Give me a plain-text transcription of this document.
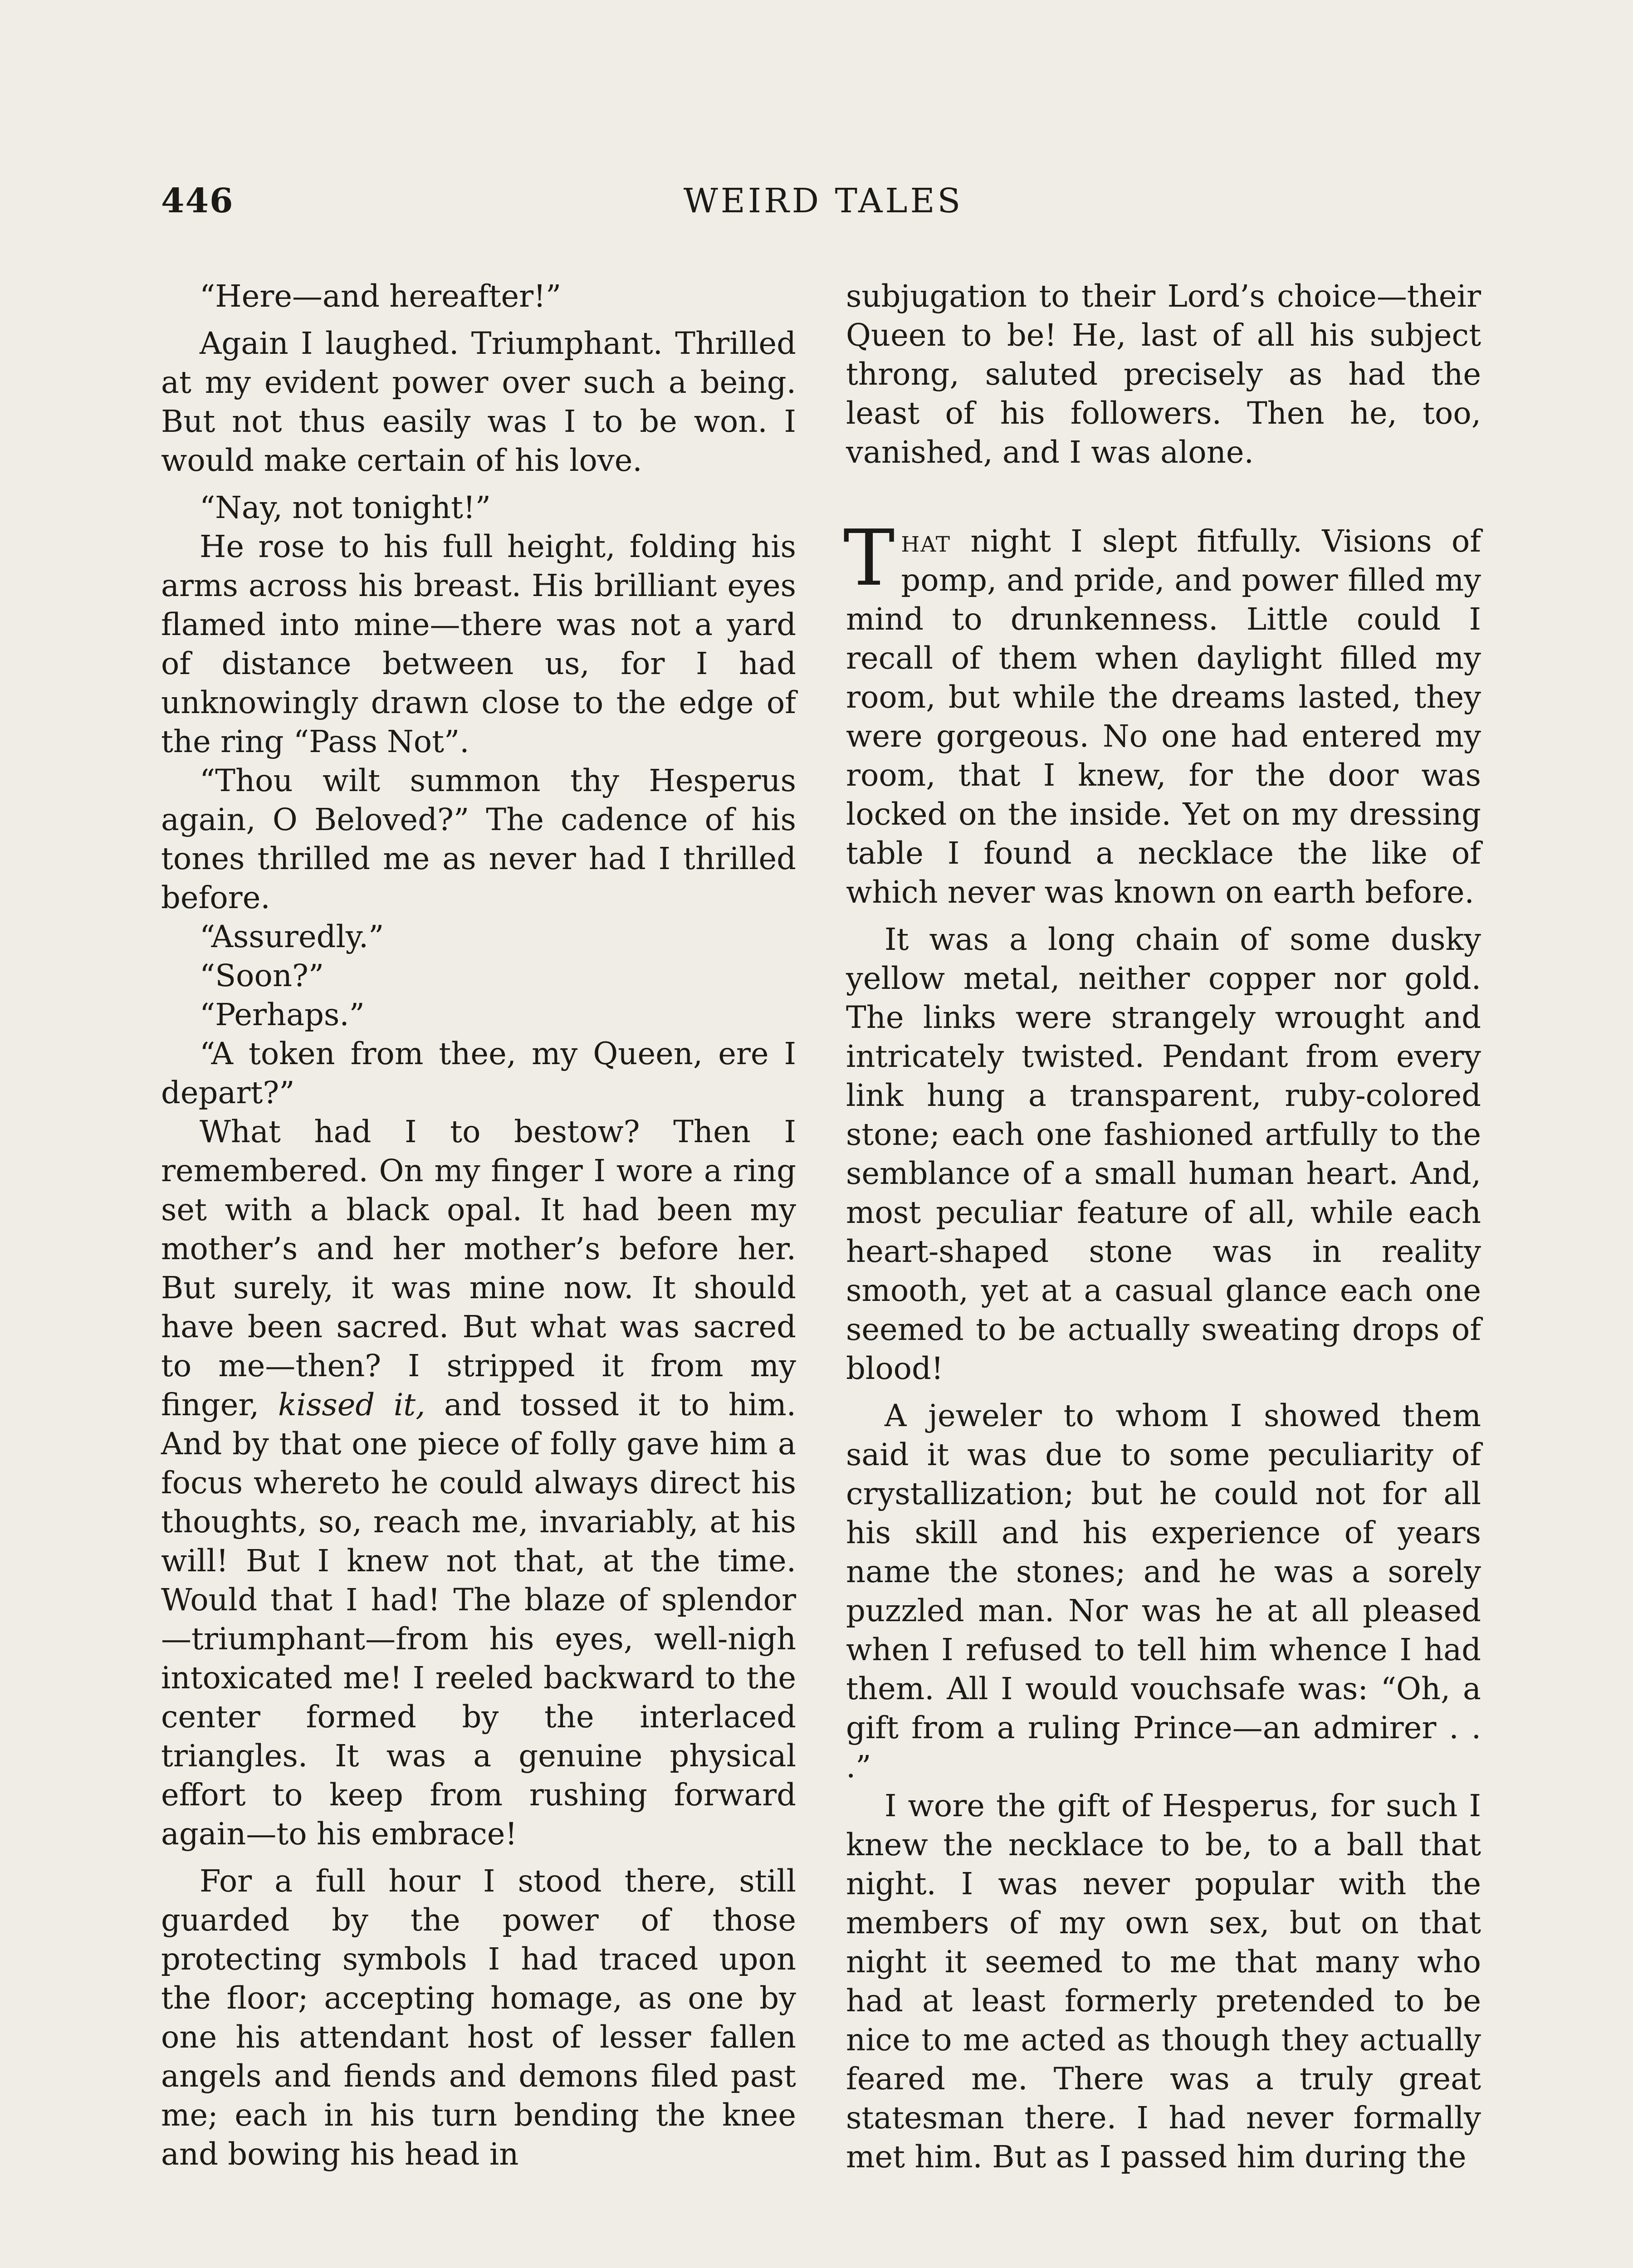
446	WEIRD TALES

“Here—and hereafter!”

Again I laughed. Triumphant. Thrilled at my evident power over such a being. But not thus easily was I to be won. I would make certain of his love.

“Nay, not tonight!”

He rose to his full height, folding his arms across his breast. His brilliant eyes flamed into mine—there was not a yard of distance between us, for I had unknowingly drawn close to the edge of the ring “Pass Not”.

“Thou wilt summon thy Hesperus again, O Beloved?” The cadence of his tones thrilled me as never had I thrilled before.

“Assuredly.”

“Soon?”

“Perhaps.”

“A token from thee, my Queen, ere I depart?”

What had I to bestow? Then I remembered. On my finger I wore a ring set with a black opal. It had been my mother’s and her mother’s before her. But surely, it was mine now. It should have been sacred. But what was sacred to me—then? I stripped it from my finger, kissed it, and tossed it to him. And by that one piece of folly gave him a focus whereto he could always direct his thoughts, so, reach me, invariably, at his will! But I knew not that, at the time. Would that I had! The blaze of splendor—triumphant—from his eyes, well-nigh intoxicated me! I reeled backward to the center formed by the interlaced triangles. It was a genuine physical effort to keep from rushing forward again—to his embrace!

For a full hour I stood there, still guarded by the power of those protecting symbols I had traced upon the floor; accepting homage, as one by one his attendant host of lesser fallen angels and fiends and demons filed past me; each in his turn bending the knee and bowing his head in

subjugation to their Lord’s choice—their Queen to be! He, last of all his subject throng, saluted precisely as had the least of his followers. Then he, too, vanished, and I was alone.

That night I slept fitfully. Visions of pomp, and pride, and power filled my mind to drunkenness. Little could I recall of them when daylight filled my room, but while the dreams lasted, they were gorgeous. No one had entered my room, that I knew, for the door was locked on the inside. Yet on my dressing table I found a necklace the like of which never was known on earth before.

It was a long chain of some dusky yellow metal, neither copper nor gold. The links were strangely wrought and intricately twisted. Pendant from every link hung a transparent, ruby-colored stone; each one fashioned artfully to the semblance of a small human heart. And, most peculiar feature of all, while each heart-shaped stone was in reality smooth, yet at a casual glance each one seemed to be actually sweating drops of blood!

A jeweler to whom I showed them said it was due to some peculiarity of crystallization; but he could not for all his skill and his experience of years name the stones; and he was a sorely puzzled man. Nor was he at all pleased when I refused to tell him whence I had them. All I would vouchsafe was: “Oh, a gift from a ruling Prince—an admirer . . .”

I wore the gift of Hesperus, for such I knew the necklace to be, to a ball that night. I was never popular with the members of my own sex, but on that night it seemed to me that many who had at least formerly pretended to be nice to me acted as though they actually feared me. There was a truly great statesman there. I had never formally met him. But as I passed him during the
